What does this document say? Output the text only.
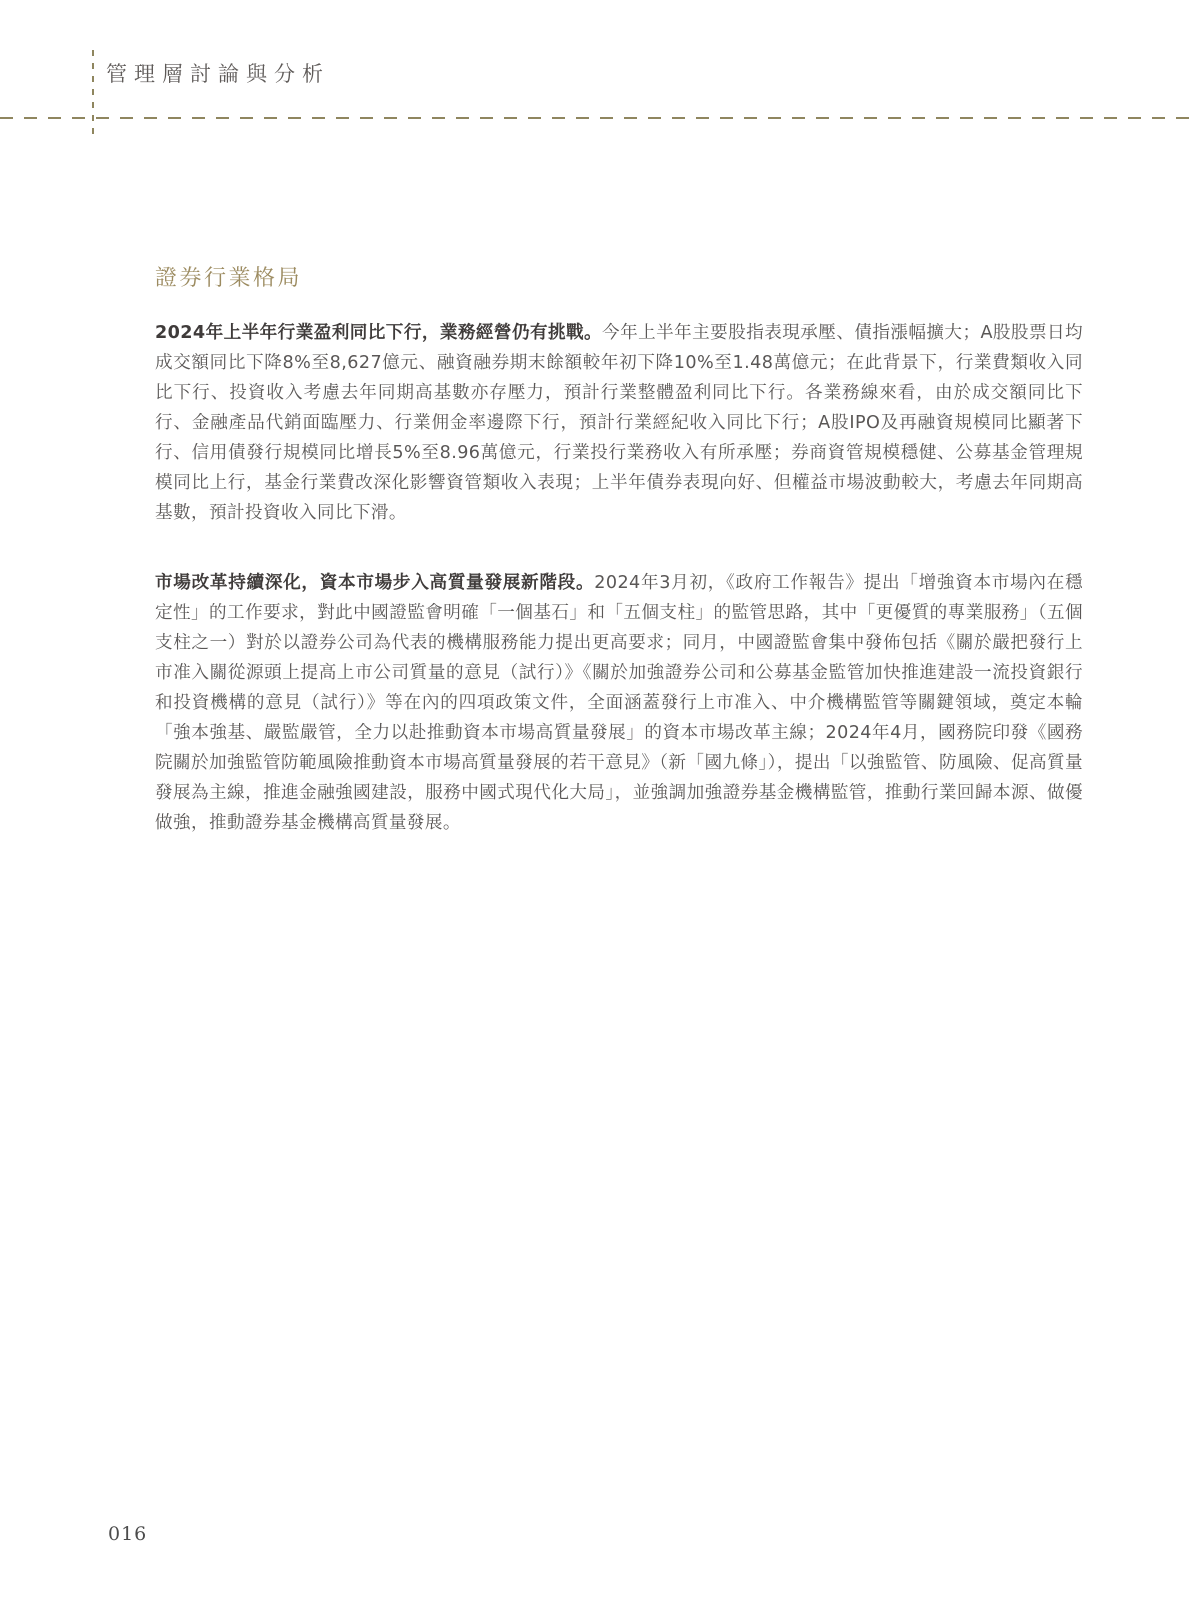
管理層討論與分析
證券行業格局

2024年上半年行業盈利同比下行，業務經營仍有挑戰。今年上半年主要股指表現承壓、債指漲幅擴大；A股股票日均成交額同比下降8%至8,627億元、融資融券期末餘額較年初下降10%至1.48萬億元；在此背景下，行業費類收入同比下行、投資收入考慮去年同期高基數亦存壓力，預計行業整體盈利同比下行。各業務線來看，由於成交額同比下行、金融產品代銷面臨壓力、行業佣金率邊際下行，預計行業經紀收入同比下行；A股IPO及再融資規模同比顯著下行、信用債發行規模同比增長5%至8.96萬億元，行業投行業務收入有所承壓；券商資管規模穩健、公募基金管理規模同比上行，基金行業費改深化影響資管類收入表現；上半年債券表現向好、但權益市場波動較大，考慮去年同期高基數，預計投資收入同比下滑。

市場改革持續深化，資本市場步入高質量發展新階段。2024年3月初，《政府工作報告》提出「增強資本市場內在穩定性」的工作要求，對此中國證監會明確「一個基石」和「五個支柱」的監管思路，其中「更優質的專業服務」（五個支柱之一）對於以證券公司為代表的機構服務能力提出更高要求；同月，中國證監會集中發佈包括《關於嚴把發行上市准入關從源頭上提高上市公司質量的意見（試行）》《關於加強證券公司和公募基金監管加快推進建設一流投資銀行和投資機構的意見（試行）》等在內的四項政策文件，全面涵蓋發行上市准入、中介機構監管等關鍵領域，奠定本輪「強本強基、嚴監嚴管，全力以赴推動資本市場高質量發展」的資本市場改革主線；2024年4月，國務院印發《國務院關於加強監管防範風險推動資本市場高質量發展的若干意見》（新「國九條」），提出「以強監管、防風險、促高質量發展為主線，推進金融強國建設，服務中國式現代化大局」，並強調加強證券基金機構監管，推動行業回歸本源、做優做強，推動證券基金機構高質量發展。

016
